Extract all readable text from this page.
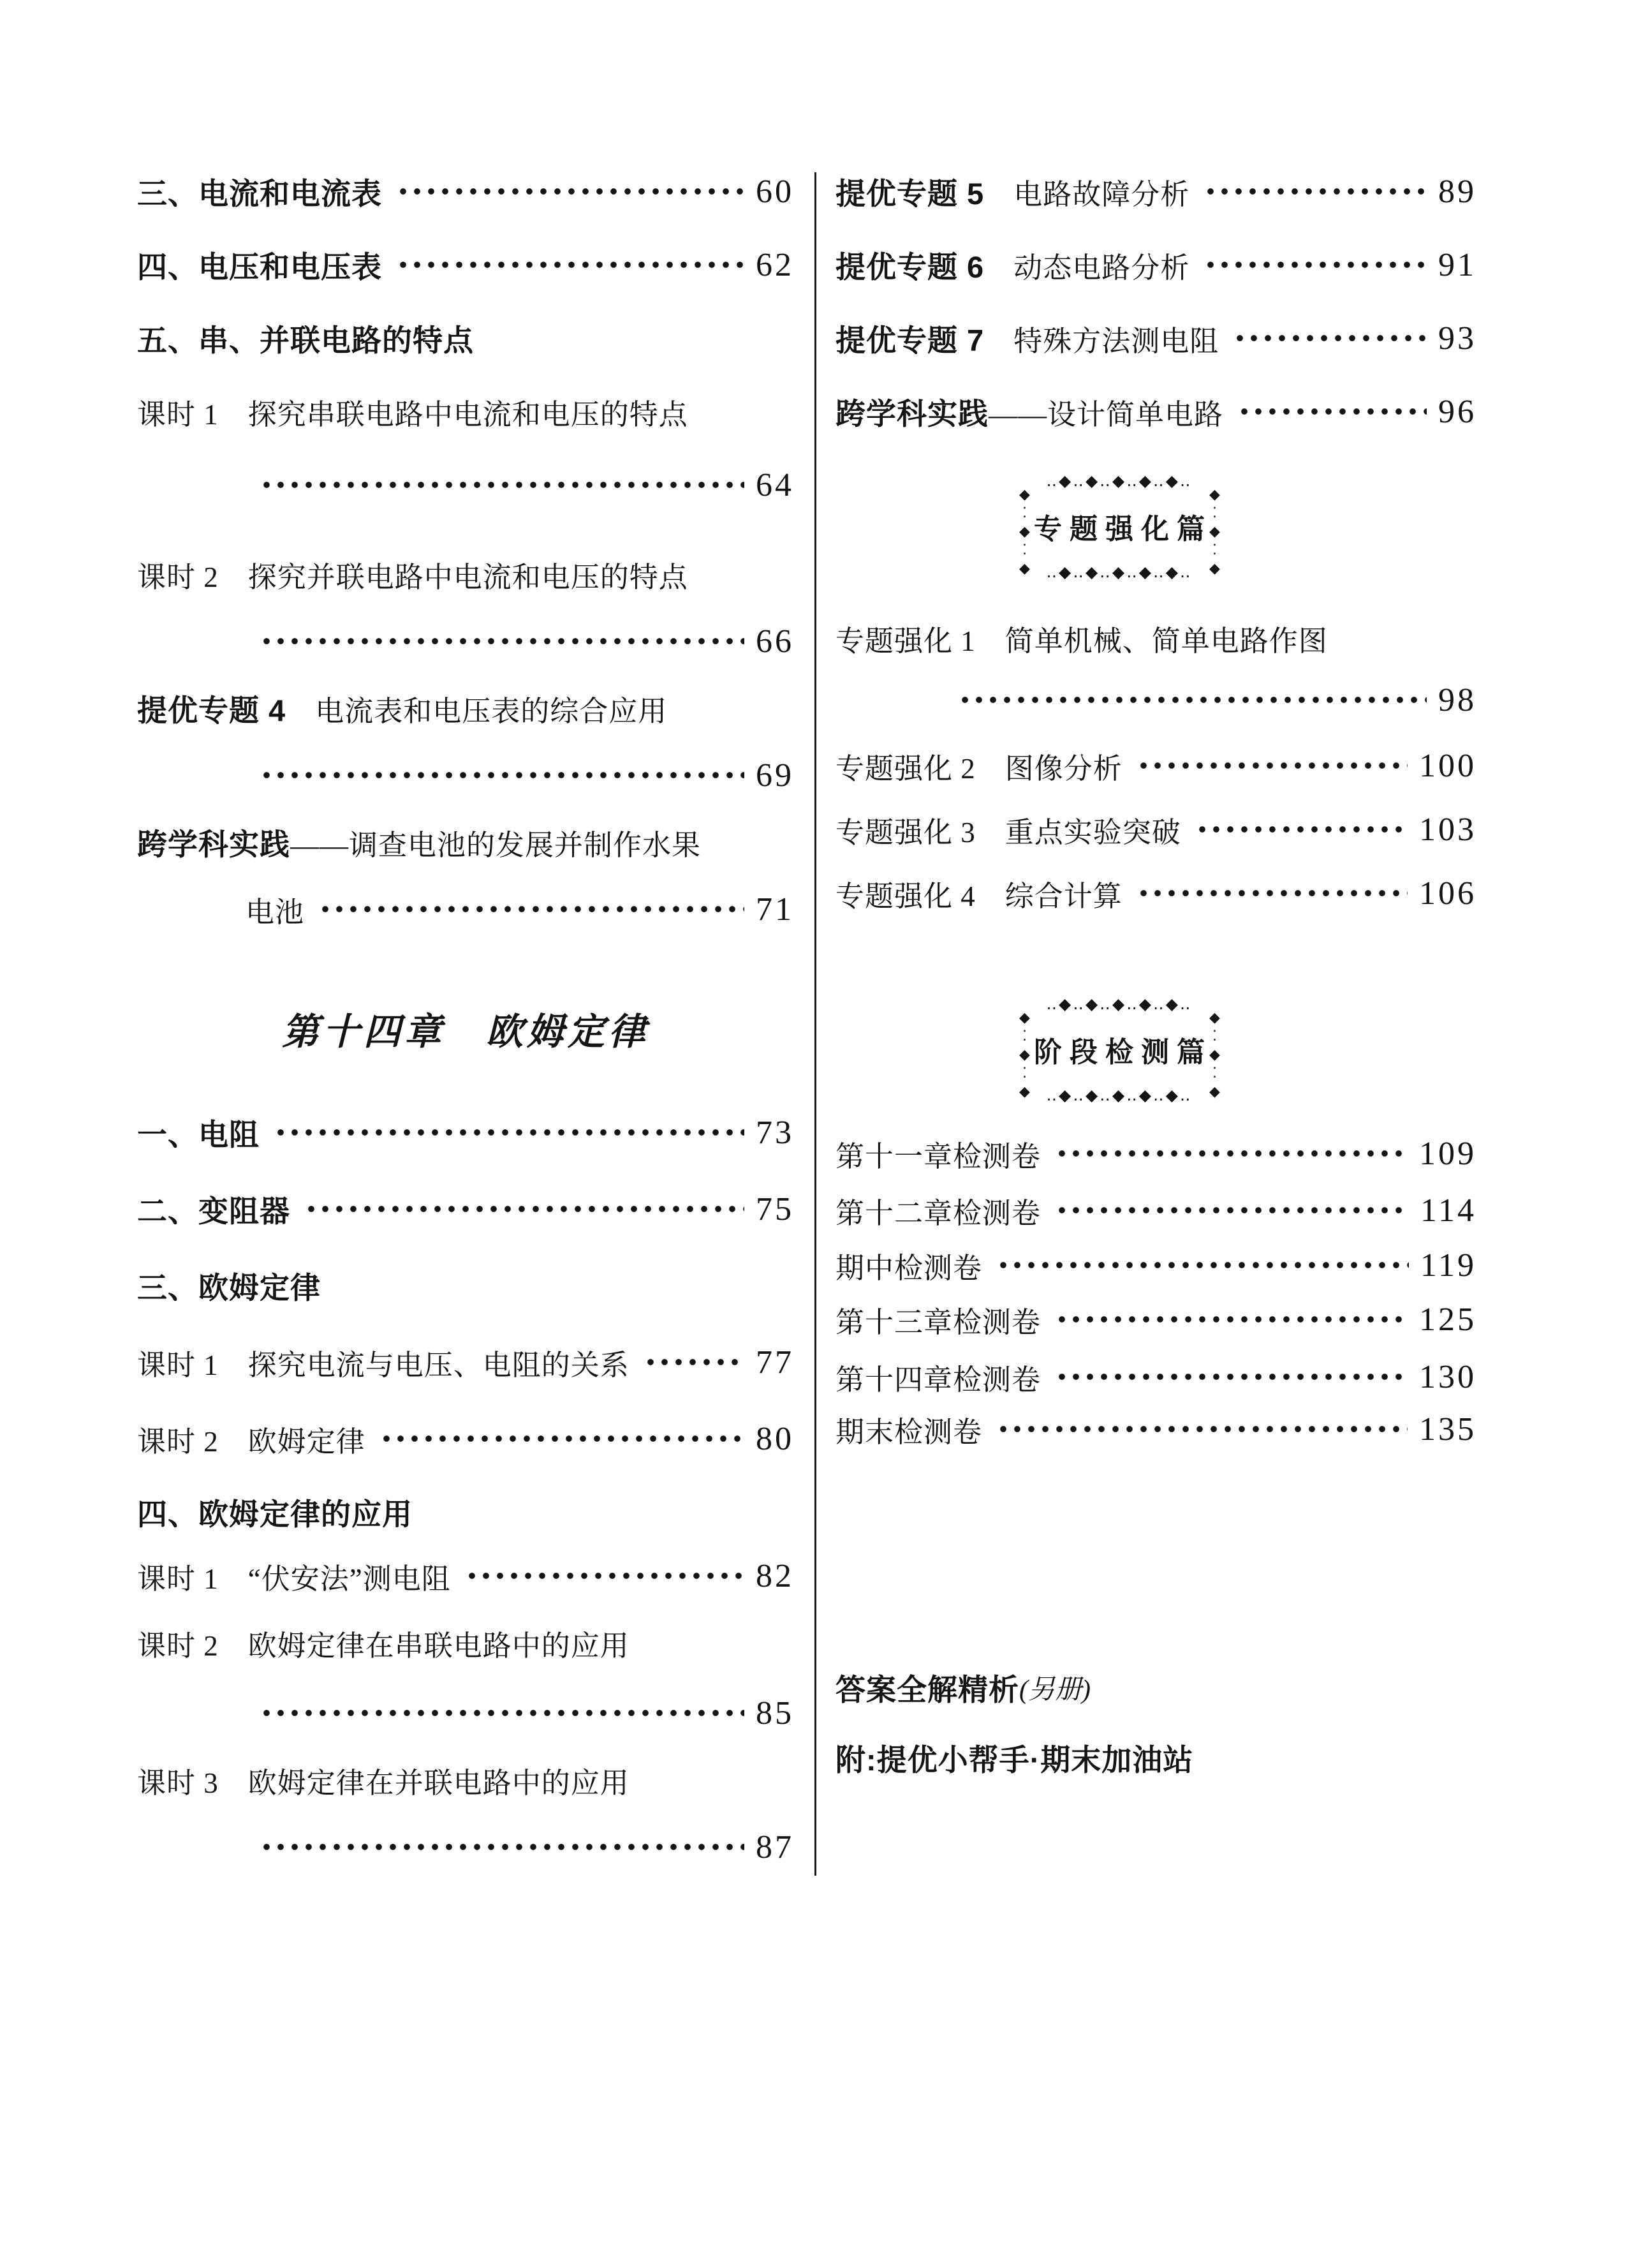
三、电流和电流表	60
四、电压和电压表	62
五、串、并联电路的特点
课时 1　探究串联电路中电流和电压的特点
64
课时 2　探究并联电路中电流和电压的特点
66
提优专题 4 　电流表和电压表的综合应用
69
跨学科实践 ——调查电池的发展并制作水果
电池	71
第十四章　欧姆定律
一、电阻	73
二、变阻器	75
三、欧姆定律
课时 1　探究电流与电压、电阻的关系	77
课时 2　欧姆定律	80
四、欧姆定律的应用
课时 1　“伏安法”测电阻	82
课时 2　欧姆定律在串联电路中的应用
85
课时 3　欧姆定律在并联电路中的应用
87
提优专题 5 　电路故障分析	89
提优专题 6 　动态电路分析	91
提优专题 7 　特殊方法测电阻	93
跨学科实践 ——设计简单电路	96
‥◆‥◆‥◆‥◆‥◆‥
‥◆‥◆‥◆‥◆‥◆‥
◆⁚◆⁚◆	◆⁚◆⁚◆
专题强化篇
专题强化 1　简单机械、简单电路作图
98
专题强化 2　图像分析	100
专题强化 3　重点实验突破	103
专题强化 4　综合计算	106
‥◆‥◆‥◆‥◆‥◆‥
‥◆‥◆‥◆‥◆‥◆‥
◆⁚◆⁚◆	◆⁚◆⁚◆
阶段检测篇
第十一章检测卷	109
第十二章检测卷	114
期中检测卷	119
第十三章检测卷	125
第十四章检测卷	130
期末检测卷	135
答案全解精析 (另册)
附:提优小帮手·期末加油站
